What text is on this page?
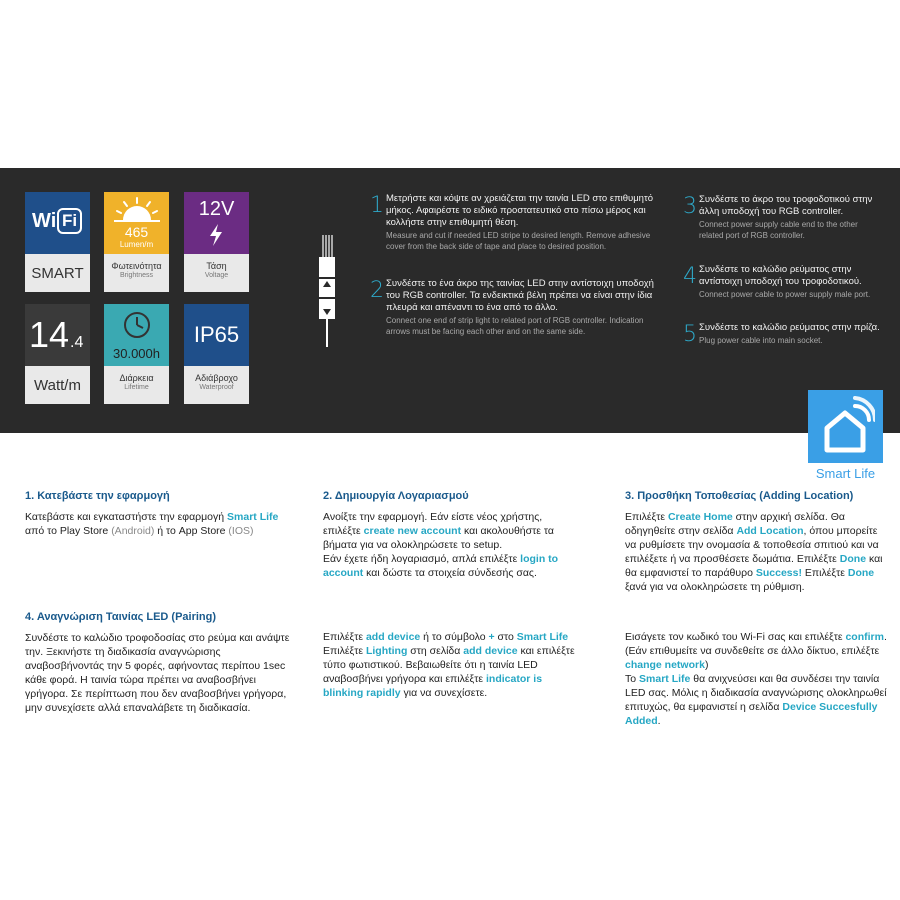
Wi Fi
SMART
465
Lumen/m
Φωτεινότητα
Brightness
12V
Τάση
Voltage
14 .4
Watt/m
30.000h
Διάρκεια
Lifetime
IP65
Αδιάβροχο
Waterproof
1 Μετρήστε και κόψτε αν χρειάζεται την ταινία LED στο επιθυμητό μήκος. Αφαιρέστε το ειδικό προστατευτικό στο πίσω μέρος και κολλήστε στην επιθυμητή θέση.
Measure and cut if needed LED stripe to desired length. Remove adhesive cover from the back side of tape and place to desired position.
2 Συνδέστε το ένα άκρο της ταινίας LED στην αντίστοιχη υποδοχή του RGB controller. Τα ενδεικτικά βέλη πρέπει να είναι στην ίδια πλευρά και απέναντι το ένα από το άλλο.
Connect one end of strip light to related port of RGB controller. Indication arrows must be facing each other and on the same side.
3 Συνδέστε το άκρο του τροφοδοτικού στην άλλη υποδοχή του RGB controller.
Connect power supply cable end to the other related port of RGB controller.
4 Συνδέστε το καλώδιο ρεύματος στην αντίστοιχη υποδοχή του τροφοδοτικού.
Connect power cable to power supply male port.
5 Συνδέστε το καλώδιο ρεύματος στην πρίζα.
Plug power cable into main socket.
Smart Life
1. Κατεβάστε την εφαρμογή

Κατεβάστε και εγκαταστήστε την εφαρμογή Smart Life από το Play Store (Android) ή το App Store (IOS)

2. Δημιουργία Λογαριασμού

Ανοίξτε την εφαρμογή. Εάν είστε νέος χρήστης, επιλέξτε create new account και ακολουθήστε τα βήματα για να ολοκληρώσετε το setup.
Εάν έχετε ήδη λογαριασμό, απλά επιλέξτε login to account και δώστε τα στοιχεία σύνδεσής σας.

3. Προσθήκη Τοποθεσίας (Adding Location)

Επιλέξτε Create Home στην αρχική σελίδα. Θα οδηγηθείτε στην σελίδα Add Location, όπου μπορείτε να ρυθμίσετε την ονομασία & τοποθεσία σπιτιού και να επιλέξετε ή να προσθέσετε δωμάτια. Επιλέξτε Done και θα εμφανιστεί το παράθυρο Success! Επιλέξτε Done ξανά για να ολοκληρώσετε τη ρύθμιση.

4. Αναγνώριση Ταινίας LED (Pairing)

Συνδέστε το καλώδιο τροφοδοσίας στο ρεύμα και ανάψτε την. Ξεκινήστε τη διαδικασία αναγνώρισης αναβοσβήνοντάς την 5 φορές, αφήνοντας περίπου 1sec κάθε φορά. Η ταινία τώρα πρέπει να αναβοσβήνει γρήγορα. Σε περίπτωση που δεν αναβοσβήνει γρήγορα, μην συνεχίσετε αλλά επαναλάβετε τη διαδικασία.

Επιλέξτε add device ή το σύμβολο + στο Smart Life
Επιλέξτε Lighting στη σελίδα add device και επιλέξτε τύπο φωτιστικού. Βεβαιωθείτε ότι η ταινία LED αναβοσβήνει γρήγορα και επιλέξτε indicator is blinking rapidly για να συνεχίσετε.

Εισάγετε τον κωδικό του Wi-Fi σας και επιλέξτε confirm. (Εάν επιθυμείτε να συνδεθείτε σε άλλο δίκτυο, επιλέξτε change network)
Το Smart Life θα ανιχνεύσει και θα συνδέσει την ταινία LED σας. Μόλις η διαδικασία αναγνώρισης ολοκληρωθεί επιτυχώς, θα εμφανιστεί η σελίδα Device Succesfully Added.
